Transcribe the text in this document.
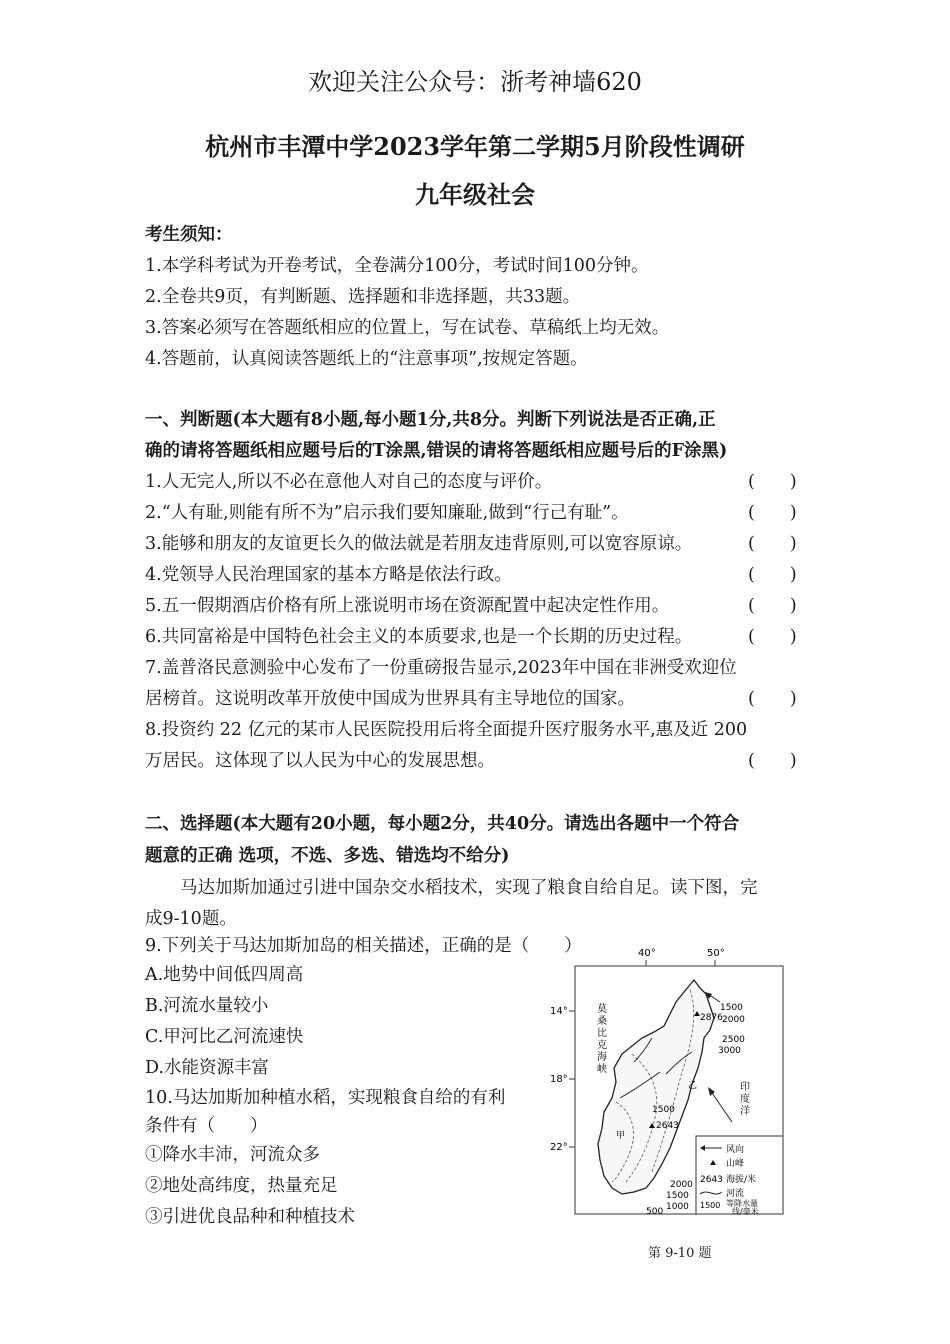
欢迎关注公众号：浙考神墙620
杭州市丰潭中学2023学年第二学期5月阶段性调研
九年级社会
考生须知：
1.本学科考试为开卷考试，全卷满分100分，考试时间100分钟。
2.全卷共9页，有判断题、选择题和非选择题，共33题。
3.答案必须写在答题纸相应的位置上，写在试卷、草稿纸上均无效。
4.答题前，认真阅读答题纸上的“注意事项”,按规定答题。
一、判断题(本大题有8小题,每小题1分,共8分。判断下列说法是否正确,正
确的请将答题纸相应题号后的T涂黑,错误的请将答题纸相应题号后的F涂黑)
1.人无完人,所以不必在意他人对自己的态度与评价。	(　　)
2.“人有耻,则能有所不为”启示我们要知廉耻,做到“行己有耻”。	(　　)
3.能够和朋友的友谊更长久的做法就是若朋友违背原则,可以宽容原谅。	(　　)
4.党领导人民治理国家的基本方略是依法行政。	(　　)
5.五一假期酒店价格有所上涨说明市场在资源配置中起决定性作用。	(　　)
6.共同富裕是中国特色社会主义的本质要求,也是一个长期的历史过程。	(　　)
7.盖普洛民意测验中心发布了一份重磅报告显示,2023年中国在非洲受欢迎位
居榜首。这说明改革开放使中国成为世界具有主导地位的国家。	(　　)
8.投资约 22 亿元的某市人民医院投用后将全面提升医疗服务水平,惠及近 200
万居民。这体现了以人民为中心的发展思想。	(　　)
二、选择题(本大题有20小题，每小题2分，共40分。请选出各题中一个符合
题意的正确 选项，不选、多选、错选均不给分)
马达加斯加通过引进中国杂交水稻技术，实现了粮食自给自足。读下图，完
成9-10题。
9.下列关于马达加斯加岛的相关描述，正确的是（　　）
A.地势中间低四周高
B.河流水量较小
C.甲河比乙河流速快
D.水能资源丰富
10.马达加斯加种植水稻，实现粮食自给的有利
条件有（　　）
①降水丰沛，河流众多
②地处高纬度，热量充足
③引进优良品种和种植技术
40°	50°
14°
18°
22°
莫
桑
比
克
海
峡
印
度
洋
2876
2643
1500
2000
2500
3000
1500
2000
1500
1000
500
甲
乙
风向
山峰
2643 海拔/米
河流
1500 等降水量
线/毫米
第 9-10 题
